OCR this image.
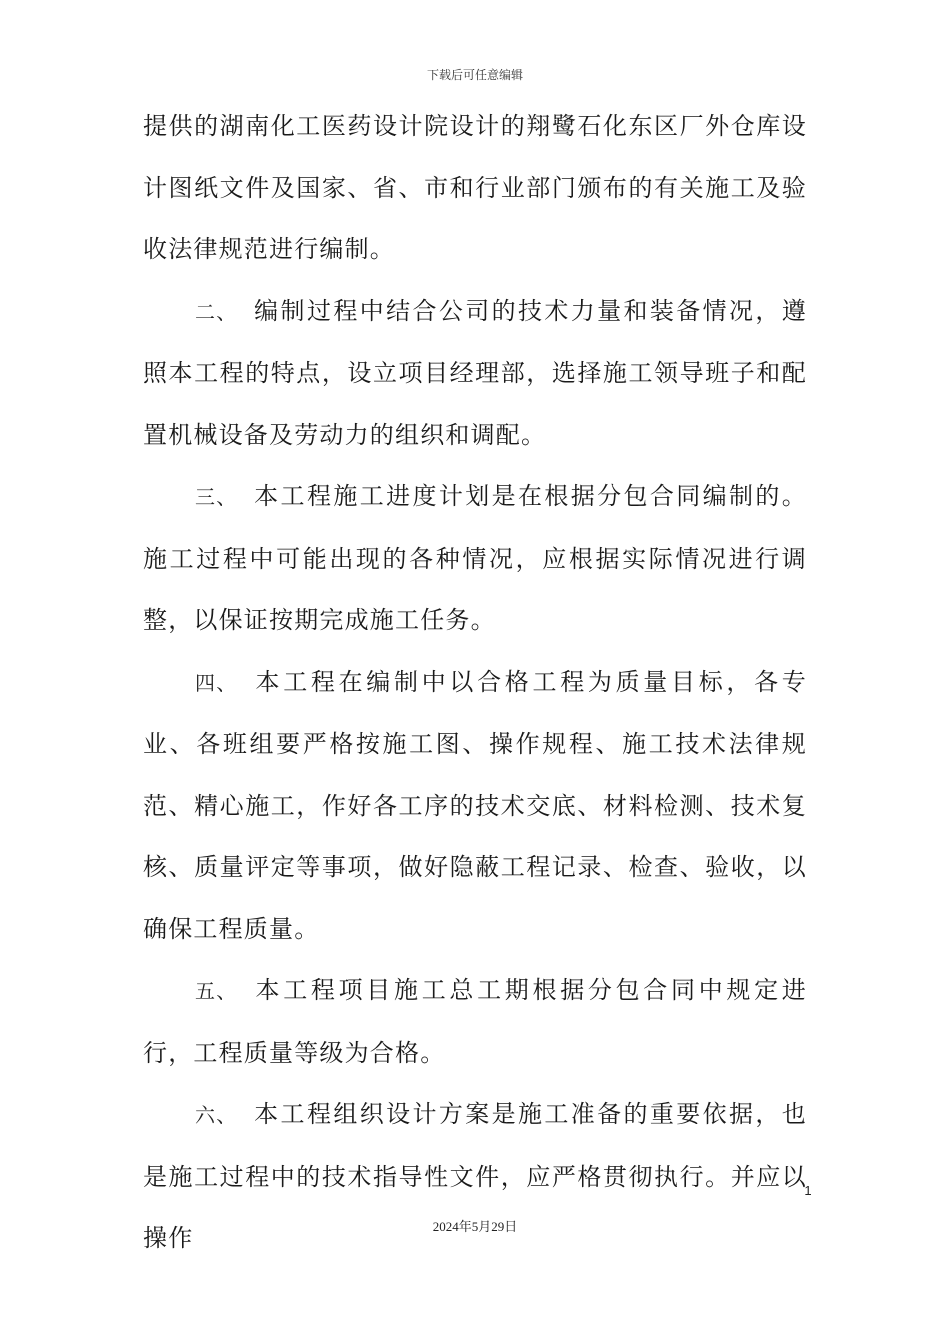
下载后可任意编辑

提供的湖南化工医药设计院设计的翔鹭石化东区厂外仓库设计图纸文件及国家、省、市和行业部门颁布的有关施工及验收法律规范进行编制。

二、 编制过程中结合公司的技术力量和装备情况，遵照本工程的特点，设立项目经理部，选择施工领导班子和配置机械设备及劳动力的组织和调配。

三、 本工程施工进度计划是在根据分包合同编制的。施工过程中可能出现的各种情况，应根据实际情况进行调整，以保证按期完成施工任务。

四、 本工程在编制中以合格工程为质量目标，各专业、各班组要严格按施工图、操作规程、施工技术法律规范、精心施工，作好各工序的技术交底、材料检测、技术复核、质量评定等事项，做好隐蔽工程记录、检查、验收，以确保工程质量。

五、 本工程项目施工总工期根据分包合同中规定进行，工程质量等级为合格。

六、 本工程组织设计方案是施工准备的重要依据，也是施工过程中的技术指导性文件，应严格贯彻执行。并应以操作

1
2024年5月29日
